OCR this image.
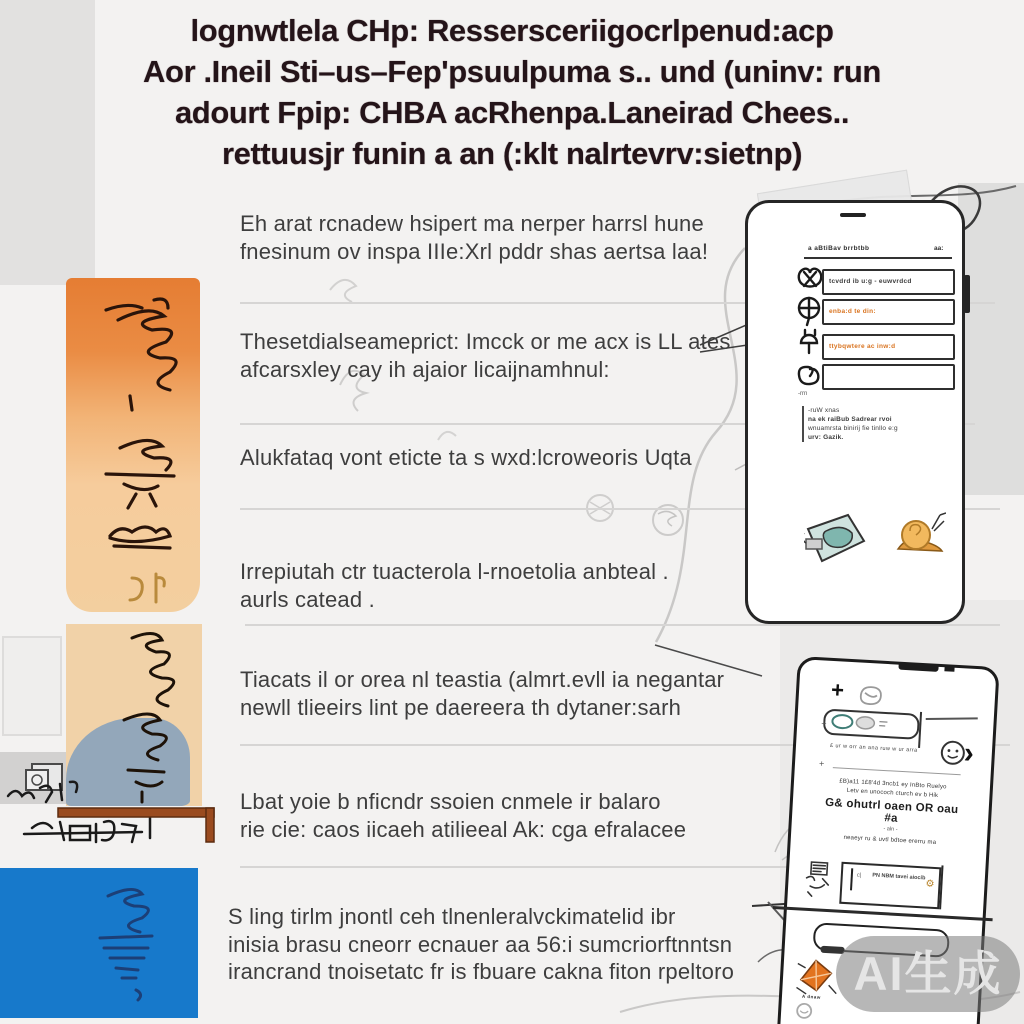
lognwtlela CHp: Ressersceriigocrlpenud:acp
Aor .Ineil Sti–us–Fep'psuulpuma s.. und (uninv: run
adourt Fpip: CHBA acRhenpa.Laneirad Chees..
rettuusjr funin a an (:klt nalrtevrv:sietnp)
Eh arat rcnadew hsipert ma nerper harrsl hune
fnesinum ov inspa IIIe:Xrl pddr shas aertsa laa!
Thesetdialseameprict: Imcck or me acx is LL ates
afcarsxley cay ih ajaior licaijnamhnul:
Alukfataq vont eticte ta s wxd:lcroweoris Uqta
Irrepiutah ctr tuacterola l-rnoetolia anbteal .
aurls catead .
Tiacats il or orea nl teastia (almrt.evll ia negantar
newll tlieeirs lint pe daereera th dytaner:sarh
Lbat yoie b nficndr ssoien cnmele ir balaro
rie cie: caos iicaeh atilieeal Ak: cga efralacee
S ling tirlm jnontl ceh tlnenleralvckimatelid ibr
inisia brasu cneorr ecnauer aa 56:i sumcriorftnntsn
irancrand tnoisetatc fr is fbuare cakna fiton rpeltoro
a aBtiBav brrbtbb	aa:
-rrn
tcvdrd ib u:g - euwvrdcd
enba:d te din:
ttybqwtere ac inw:d
-ruW xnas
na ek raiBub Sadrear rvoi
wnuamrsta binirij fie tinllo e:g
urv: Gazik.
+
£ ur w orr an ana ruw w ur arra	›
+
+
£B)a11 1£8'4d 3ncb1 ey InBto Ruelyo
Letv en unococh cturch ev b Hik
G& ohutrl oaen OR oau #a
- aln -
neaeyr ru & uvtl bdtoe ererru ma
c|	PN NBM tavei aiocib
⚙
A dnaw AI生成
